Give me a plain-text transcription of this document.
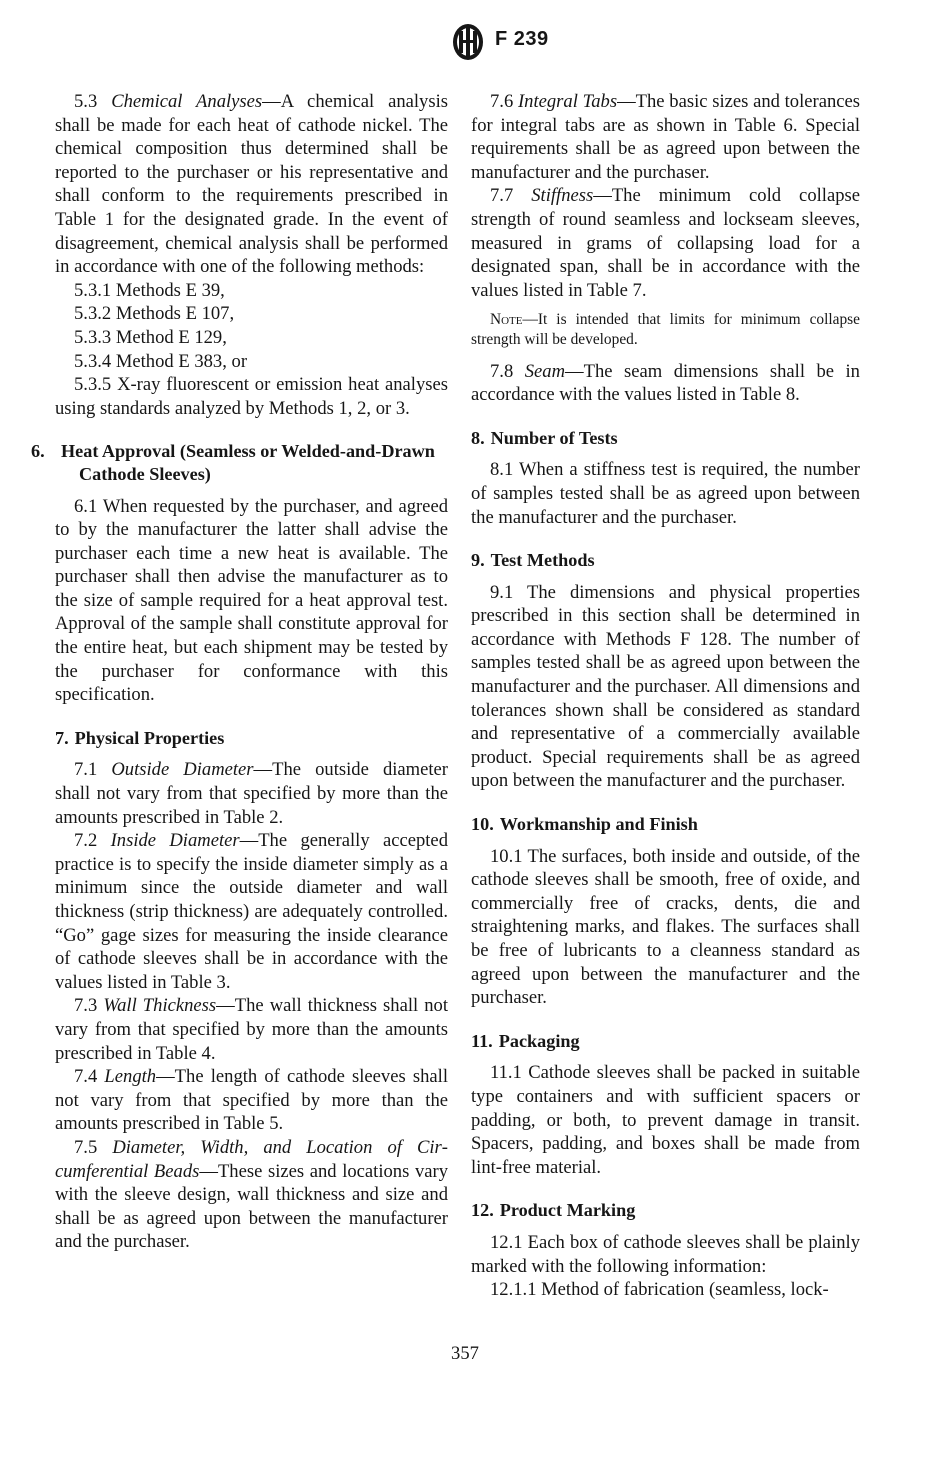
F 239

5.3 Chemical Analyses—A chemical analysis shall be made for each heat of cathode nickel. The chemical composition thus determined shall be reported to the purchaser or his representative and shall conform to the requirements prescribed in Table 1 for the designated grade. In the event of disagreement, chemical analysis shall be performed in accordance with one of the following methods:

5.3.1 Methods E 39,

5.3.2 Methods E 107,

5.3.3 Method E 129,

5.3.4 Method E 383, or

5.3.5 X-ray fluorescent or emission heat analyses using standards analyzed by Methods 1, 2, or 3.

6. Heat Approval (Seamless or Welded-and-Drawn Cathode Sleeves)

6.1 When requested by the purchaser, and agreed to by the manufacturer the latter shall advise the purchaser each time a new heat is available. The purchaser shall then advise the manufacturer as to the size of sample required for a heat approval test. Approval of the sample shall constitute approval for the entire heat, but each shipment may be tested by the purchaser for conformance with this specification.

7. Physical Properties

7.1 Outside Diameter—The outside diameter shall not vary from that specified by more than the amounts prescribed in Table 2.

7.2 Inside Diameter—The generally accepted practice is to specify the inside diameter simply as a minimum since the outside diameter and wall thickness (strip thickness) are adequately controlled. “Go” gage sizes for measuring the inside clearance of cathode sleeves shall be in accordance with the values listed in Table 3.

7.3 Wall Thickness—The wall thickness shall not vary from that specified by more than the amounts prescribed in Table 4.

7.4 Length—The length of cathode sleeves shall not vary from that specified by more than the amounts prescribed in Table 5.

7.5 Diameter, Width, and Location of Circumferential Beads—These sizes and locations vary with the sleeve design, wall thickness and size and shall be as agreed upon between the manufacturer and the purchaser.

7.6 Integral Tabs—The basic sizes and tolerances for integral tabs are as shown in Table 6. Special requirements shall be as agreed upon between the manufacturer and the purchaser.

7.7 Stiffness—The minimum cold collapse strength of round seamless and lockseam sleeves, measured in grams of collapsing load for a designated span, shall be in accordance with the values listed in Table 7.

Note—It is intended that limits for minimum collapse strength will be developed.

7.8 Seam—The seam dimensions shall be in accordance with the values listed in Table 8.

8. Number of Tests

8.1 When a stiffness test is required, the number of samples tested shall be as agreed upon between the manufacturer and the purchaser.

9. Test Methods

9.1 The dimensions and physical properties prescribed in this section shall be determined in accordance with Methods F 128. The number of samples tested shall be as agreed upon between the manufacturer and the purchaser. All dimensions and tolerances shown shall be considered as standard and representative of a commercially available product. Special requirements shall be as agreed upon between the manufacturer and the purchaser.

10. Workmanship and Finish

10.1 The surfaces, both inside and outside, of the cathode sleeves shall be smooth, free of oxide, and commercially free of cracks, dents, die and straightening marks, and flakes. The surfaces shall be free of lubricants to a cleanness standard as agreed upon between the manufacturer and the purchaser.

11. Packaging

11.1 Cathode sleeves shall be packed in suitable type containers and with sufficient spacers or padding, or both, to prevent damage in transit. Spacers, padding, and boxes shall be made from lint-free material.

12. Product Marking

12.1 Each box of cathode sleeves shall be plainly marked with the following information:

12.1.1 Method of fabrication (seamless, lock-

357
